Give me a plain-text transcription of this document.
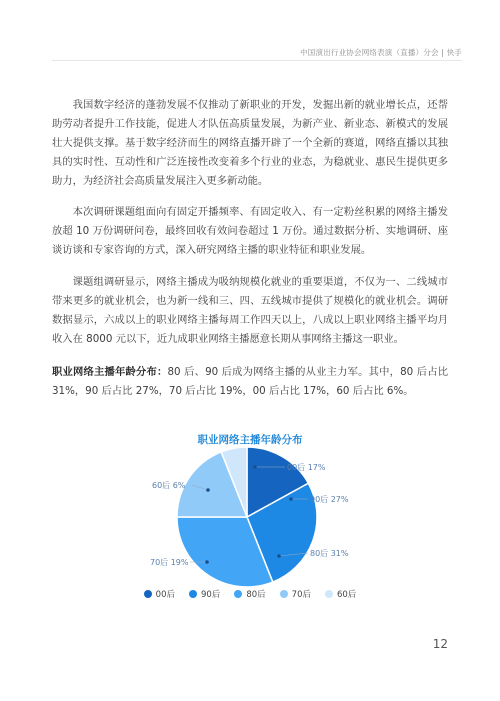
中国演出行业协会网络表演（直播）分会 | 快手

我国数字经济的蓬勃发展不仅推动了新职业的开发，发掘出新的就业增长点，还帮助劳动者提升工作技能，促进人才队伍高质量发展，为新产业、新业态、新模式的发展壮大提供支撑。基于数字经济而生的网络直播开辟了一个全新的赛道，网络直播以其独具的实时性、互动性和广泛连接性改变着多个行业的业态，为稳就业、惠民生提供更多助力，为经济社会高质量发展注入更多新动能。

本次调研课题组面向有固定开播频率、有固定收入、有一定粉丝积累的网络主播发放超 10 万份调研问卷，最终回收有效问卷超过 1 万份。通过数据分析、实地调研、座谈访谈和专家咨询的方式，深入研究网络主播的职业特征和职业发展。

课题组调研显示，网络主播成为吸纳规模化就业的重要渠道，不仅为一、二线城市带来更多的就业机会，也为新一线和三、四、五线城市提供了规模化的就业机会。调研数据显示，六成以上的职业网络主播每周工作四天以上，八成以上职业网络主播平均月收入在 8000 元以下，近九成职业网络主播愿意长期从事网络主播这一职业。

职业网络主播年龄分布：80 后、90 后成为网络主播的从业主力军。其中，80 后占比 31%，90 后占比 27%，70 后占比 19%，00 后占比 17%，60 后占比 6%。

职业网络主播年龄分布
00后 17%
90后 27%
80后 31%
70后 19%
60后 6%
00后	90后	80后	70后	60后
12
